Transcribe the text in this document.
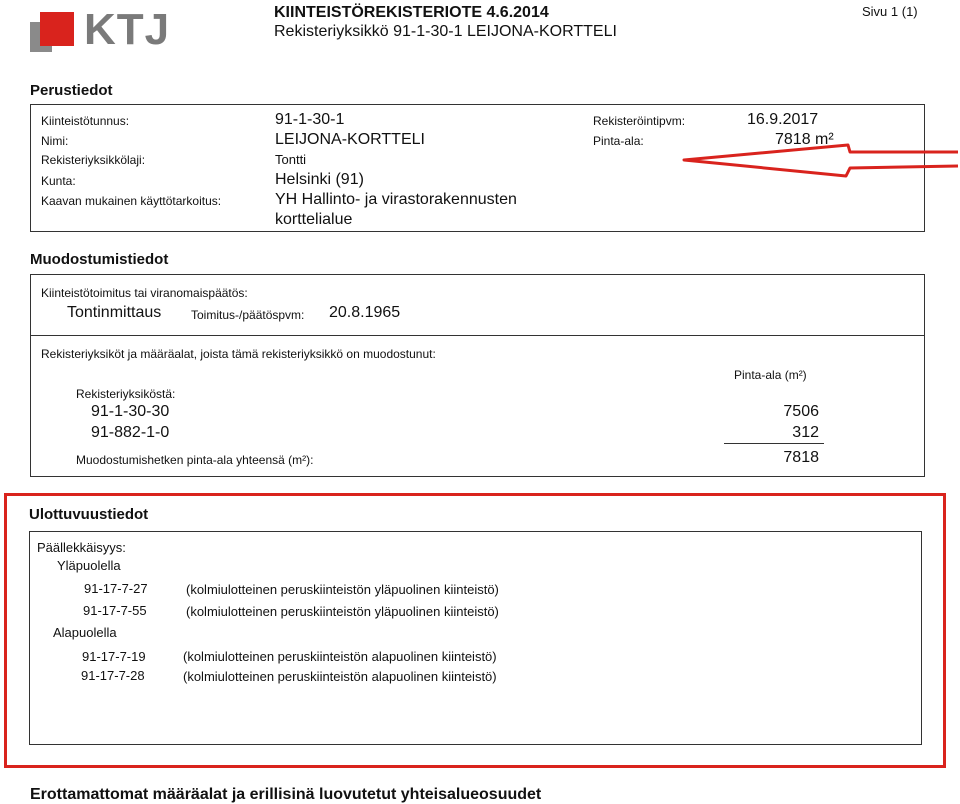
KTJ	KIINTEISTÖREKISTERIOTE 4.6.2014
Rekisteriyksikkö 91-1-30-1 LEIJONA-KORTTELI
Sivu 1 (1)
Perustiedot
Kiinteistötunnus:	91-1-30-1
Nimi:	LEIJONA-KORTTELI
Rekisteriyksikkölaji:	Tontti
Kunta:	Helsinki (91)
Kaavan mukainen käyttötarkoitus:	YH Hallinto- ja virastorakennusten
korttelialue
Rekisteröintipvm:	16.9.2017
Pinta-ala:	7818 m²
Muodostumistiedot
Kiinteistötoimitus tai viranomaispäätös:
Tontinmittaus Toimitus-/päätöspvm: 20.8.1965
Rekisteriyksiköt ja määräalat, joista tämä rekisteriyksikkö on muodostunut:
Pinta-ala (m²)
Rekisteriyksiköstä:
91-1-30-30	7506
91-882-1-0	312
Muodostumishetken pinta-ala yhteensä (m²):	7818
Ulottuvuustiedot
Päällekkäisyys:
Yläpuolella
91-17-7-27	(kolmiulotteinen peruskiinteistön yläpuolinen kiinteistö)
91-17-7-55	(kolmiulotteinen peruskiinteistön yläpuolinen kiinteistö)
Alapuolella
91-17-7-19	(kolmiulotteinen peruskiinteistön alapuolinen kiinteistö)
91-17-7-28	(kolmiulotteinen peruskiinteistön alapuolinen kiinteistö)
Erottamattomat määräalat ja erillisinä luovutetut yhteisalueosuudet
